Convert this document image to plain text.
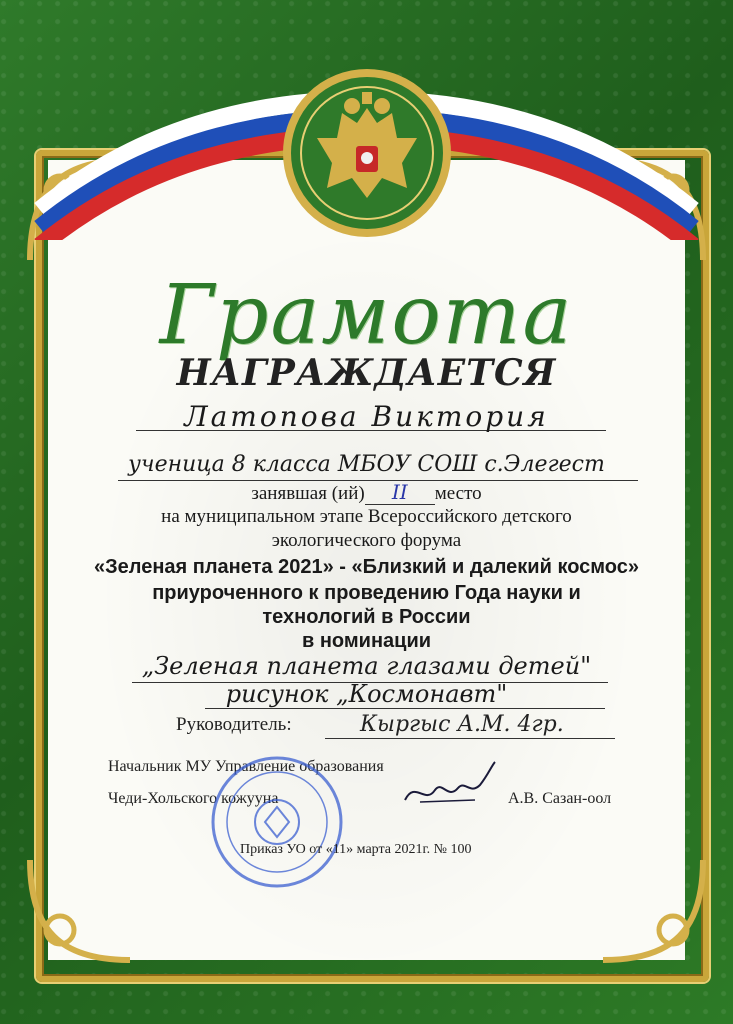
Грамота
НАГРАЖДАЕТСЯ
Латопова Виктория
ученица 8 класса МБОУ СОШ с.Элегест
занявшая (ий) II место
на муниципальном этапе Всероссийского детского
экологического форума
«Зеленая планета 2021» - «Близкий и далекий космос»
приуроченного к проведению Года науки и
технологий в России
в номинации
„Зеленая планета глазами детей"
рисунок „Космонавт"
Руководитель:	Кыргыс А.М. 4гр.
Начальник МУ Управление образования
Чеди-Хольского кожууна	А.В. Сазан-оол
Приказ УО от «11» марта 2021г. № 100
